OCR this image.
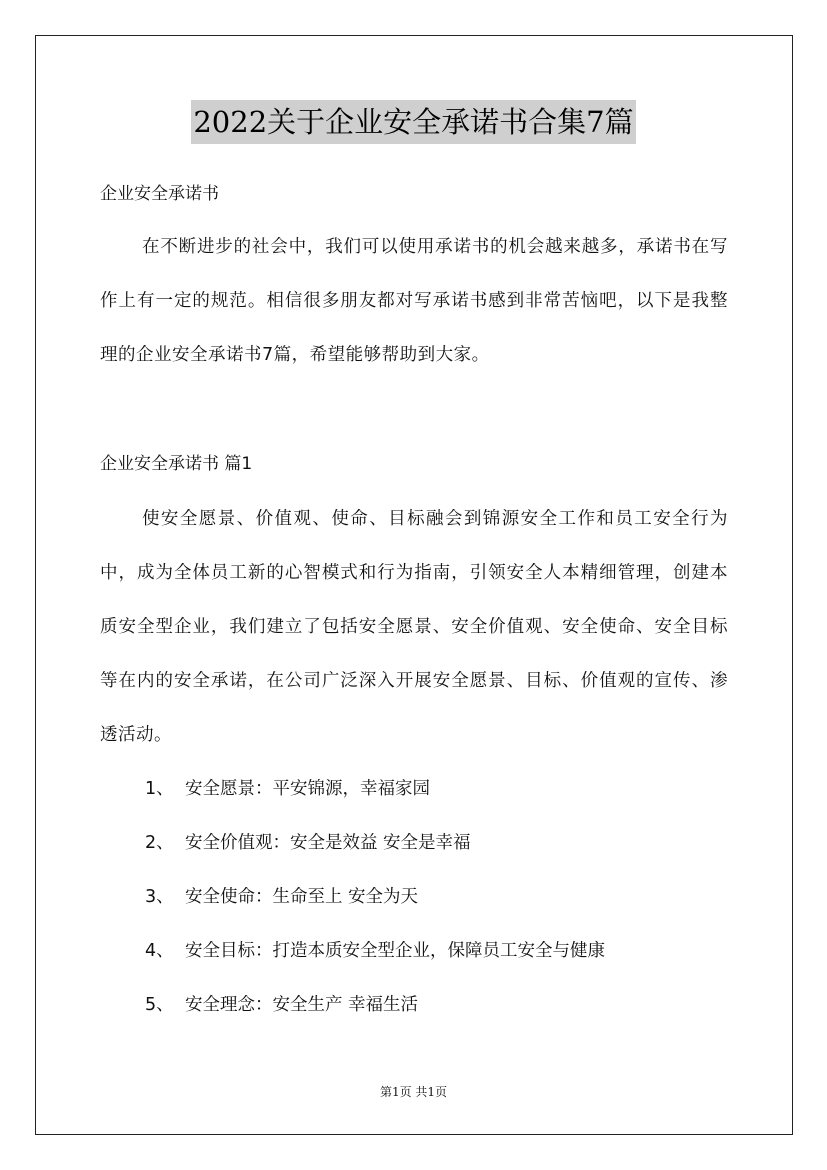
2022关于企业安全承诺书合集7篇
企业安全承诺书
在不断进步的社会中，我们可以使用承诺书的机会越来越多，承诺书在写作上有一定的规范。相信很多朋友都对写承诺书感到非常苦恼吧，以下是我整理的企业安全承诺书7篇，希望能够帮助到大家。
企业安全承诺书 篇1
使安全愿景、价值观、使命、目标融会到锦源安全工作和员工安全行为中，成为全体员工新的心智模式和行为指南，引领安全人本精细管理，创建本质安全型企业，我们建立了包括安全愿景、安全价值观、安全使命、安全目标等在内的安全承诺，在公司广泛深入开展安全愿景、目标、价值观的宣传、渗透活动。
1、 安全愿景：平安锦源，幸福家园
2、 安全价值观：安全是效益 安全是幸福
3、 安全使命：生命至上 安全为天
4、 安全目标：打造本质安全型企业，保障员工安全与健康
5、 安全理念：安全生产 幸福生活
第1页 共1页
